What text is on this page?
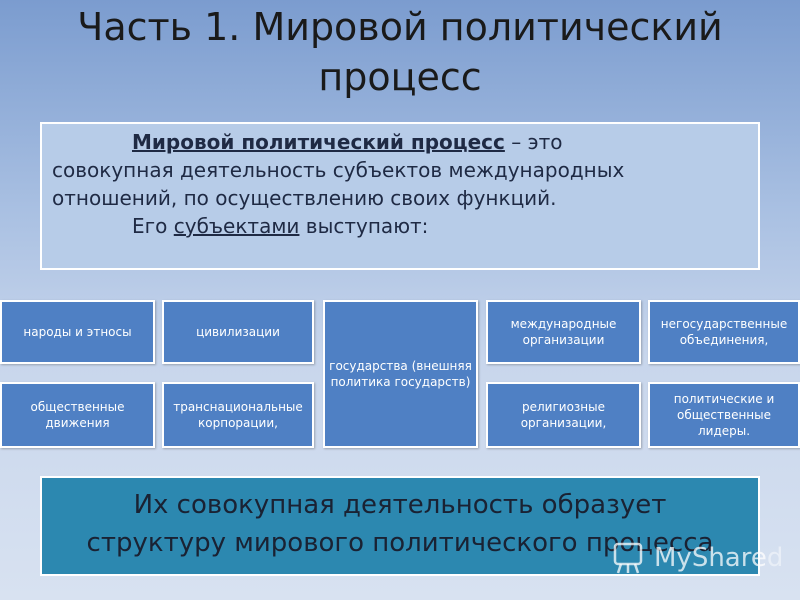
Часть 1. Мировой политический
процесс

Мировой политический процесс – это

совокупная деятельность субъектов международных отношений, по осуществлению своих функций.

Его субъектами выступают:

народы и этносы	цивилизации
государства (внешняя политика государств)
международные организации
негосударственные объединения,
общественные движения
транснациональные корпорации,
религиозные организации,
политические и общественные лидеры.
Их совокупная деятельность образует
структуру мирового политического процесса
MyShared
